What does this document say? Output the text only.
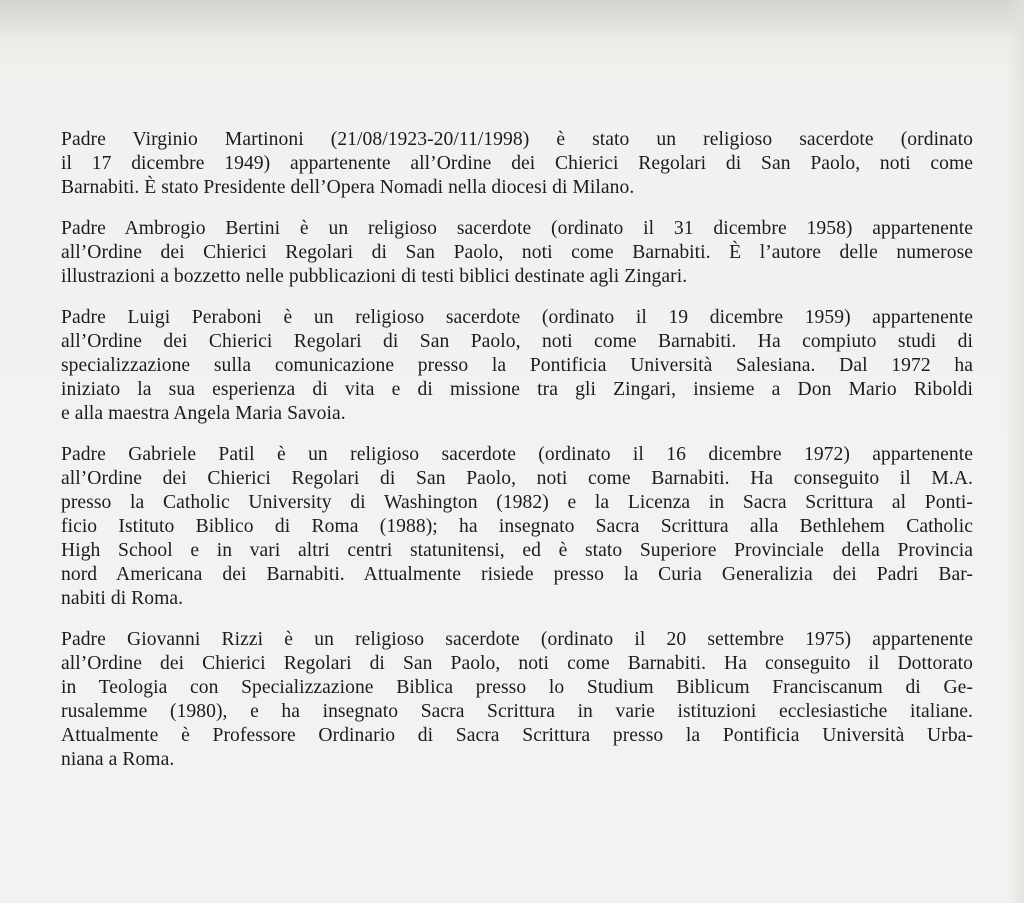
Padre Virginio Martinoni (21/08/1923-20/11/1998) è stato un religioso sacerdote (ordinato
il 17 dicembre 1949) appartenente all’Ordine dei Chierici Regolari di San Paolo, noti come
Barnabiti. È stato Presidente dell’Opera Nomadi nella diocesi di Milano.

Padre Ambrogio Bertini è un religioso sacerdote (ordinato il 31 dicembre 1958) appartenente
all’Ordine dei Chierici Regolari di San Paolo, noti come Barnabiti. È l’autore delle numerose
illustrazioni a bozzetto nelle pubblicazioni di testi biblici destinate agli Zingari.

Padre Luigi Peraboni è un religioso sacerdote (ordinato il 19 dicembre 1959) appartenente
all’Ordine dei Chierici Regolari di San Paolo, noti come Barnabiti. Ha compiuto studi di
specializzazione sulla comunicazione presso la Pontificia Università Salesiana. Dal 1972 ha
iniziato la sua esperienza di vita e di missione tra gli Zingari, insieme a Don Mario Riboldi
e alla maestra Angela Maria Savoia.

Padre Gabriele Patil è un religioso sacerdote (ordinato il 16 dicembre 1972) appartenente
all’Ordine dei Chierici Regolari di San Paolo, noti come Barnabiti. Ha conseguito il M.A.
presso la Catholic University di Washington (1982) e la Licenza in Sacra Scrittura al Ponti-
ficio Istituto Biblico di Roma (1988); ha insegnato Sacra Scrittura alla Bethlehem Catholic
High School e in vari altri centri statunitensi, ed è stato Superiore Provinciale della Provincia
nord Americana dei Barnabiti. Attualmente risiede presso la Curia Generalizia dei Padri Bar-
nabiti di Roma.

Padre Giovanni Rizzi è un religioso sacerdote (ordinato il 20 settembre 1975) appartenente
all’Ordine dei Chierici Regolari di San Paolo, noti come Barnabiti. Ha conseguito il Dottorato
in Teologia con Specializzazione Biblica presso lo Studium Biblicum Franciscanum di Ge-
rusalemme (1980), e ha insegnato Sacra Scrittura in varie istituzioni ecclesiastiche italiane.
Attualmente è Professore Ordinario di Sacra Scrittura presso la Pontificia Università Urba-
niana a Roma.
